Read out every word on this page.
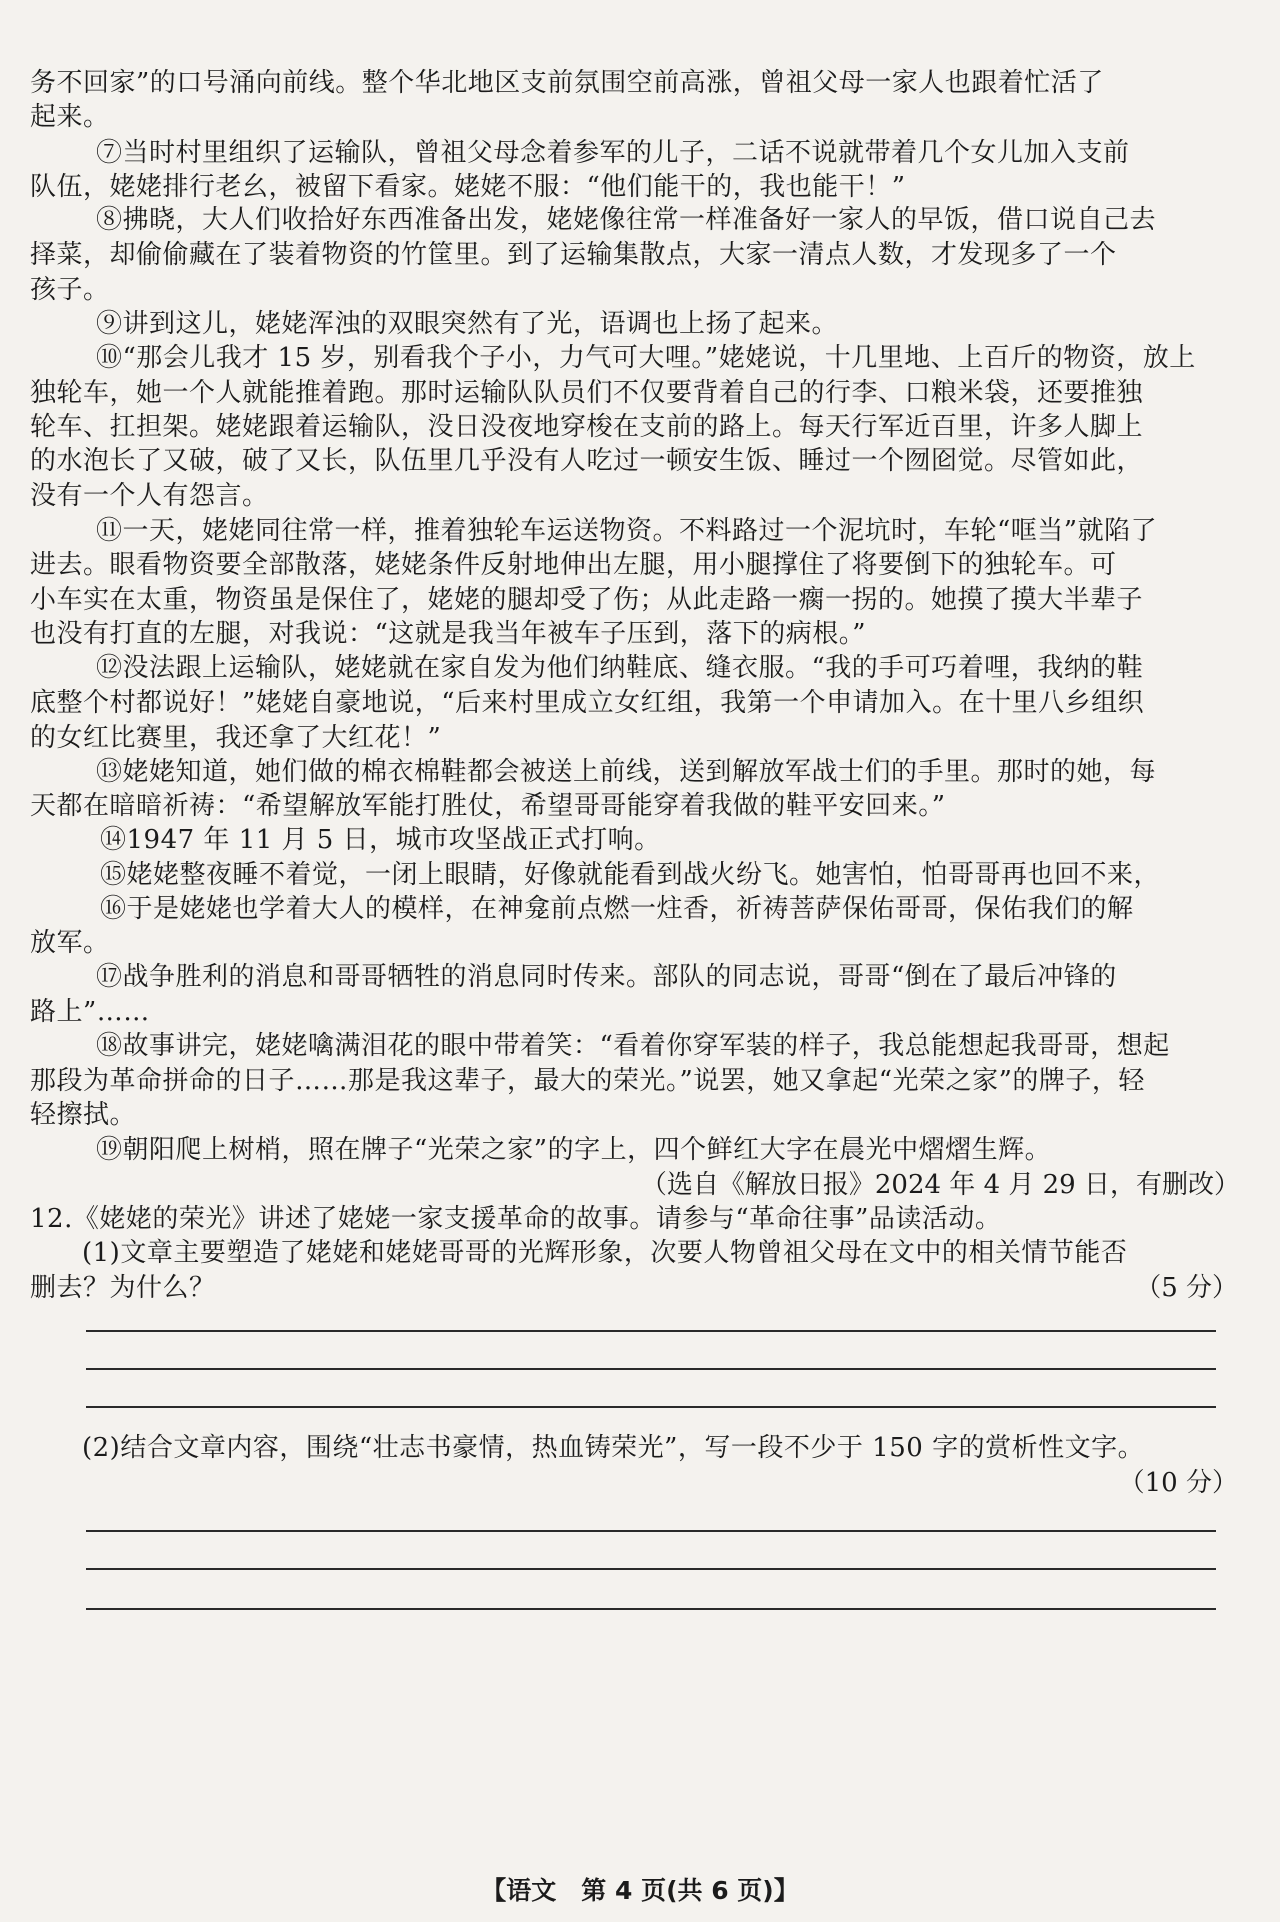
务不回家”的口号涌向前线。整个华北地区支前氛围空前高涨，曾祖父母一家人也跟着忙活了
起来。
⑦当时村里组织了运输队，曾祖父母念着参军的儿子，二话不说就带着几个女儿加入支前
队伍，姥姥排行老幺，被留下看家。姥姥不服：“他们能干的，我也能干！”
⑧拂晓，大人们收拾好东西准备出发，姥姥像往常一样准备好一家人的早饭，借口说自己去
择菜，却偷偷藏在了装着物资的竹筐里。到了运输集散点，大家一清点人数，才发现多了一个
孩子。
⑨讲到这儿，姥姥浑浊的双眼突然有了光，语调也上扬了起来。
⑩“那会儿我才 15 岁，别看我个子小，力气可大哩。”姥姥说，十几里地、上百斤的物资，放上
独轮车，她一个人就能推着跑。那时运输队队员们不仅要背着自己的行李、口粮米袋，还要推独
轮车、扛担架。姥姥跟着运输队，没日没夜地穿梭在支前的路上。每天行军近百里，许多人脚上
的水泡长了又破，破了又长，队伍里几乎没有人吃过一顿安生饭、睡过一个囫囵觉。尽管如此，
没有一个人有怨言。
⑪一天，姥姥同往常一样，推着独轮车运送物资。不料路过一个泥坑时，车轮“哐当”就陷了
进去。眼看物资要全部散落，姥姥条件反射地伸出左腿，用小腿撑住了将要倒下的独轮车。可
小车实在太重，物资虽是保住了，姥姥的腿却受了伤；从此走路一瘸一拐的。她摸了摸大半辈子
也没有打直的左腿，对我说：“这就是我当年被车子压到，落下的病根。”
⑫没法跟上运输队，姥姥就在家自发为他们纳鞋底、缝衣服。“我的手可巧着哩，我纳的鞋
底整个村都说好！”姥姥自豪地说，“后来村里成立女红组，我第一个申请加入。在十里八乡组织
的女红比赛里，我还拿了大红花！”
⑬姥姥知道，她们做的棉衣棉鞋都会被送上前线，送到解放军战士们的手里。那时的她，每
天都在暗暗祈祷：“希望解放军能打胜仗，希望哥哥能穿着我做的鞋平安回来。”
⑭1947 年 11 月 5 日，城市攻坚战正式打响。
⑮姥姥整夜睡不着觉，一闭上眼睛，好像就能看到战火纷飞。她害怕，怕哥哥再也回不来，
⑯于是姥姥也学着大人的模样，在神龛前点燃一炷香，祈祷菩萨保佑哥哥，保佑我们的解
放军。
⑰战争胜利的消息和哥哥牺牲的消息同时传来。部队的同志说，哥哥“倒在了最后冲锋的
路上”……
⑱故事讲完，姥姥噙满泪花的眼中带着笑：“看着你穿军装的样子，我总能想起我哥哥，想起
那段为革命拼命的日子……那是我这辈子，最大的荣光。”说罢，她又拿起“光荣之家”的牌子，轻
轻擦拭。
⑲朝阳爬上树梢，照在牌子“光荣之家”的字上，四个鲜红大字在晨光中熠熠生辉。
（选自《解放日报》2024 年 4 月 29 日，有删改）
12.《姥姥的荣光》讲述了姥姥一家支援革命的故事。请参与“革命往事”品读活动。
(1)文章主要塑造了姥姥和姥姥哥哥的光辉形象，次要人物曾祖父母在文中的相关情节能否
删去？为什么？	（5 分）
(2)结合文章内容，围绕“壮志书豪情，热血铸荣光”，写一段不少于 150 字的赏析性文字。
（10 分）
【语文　第 4 页(共 6 页)】
